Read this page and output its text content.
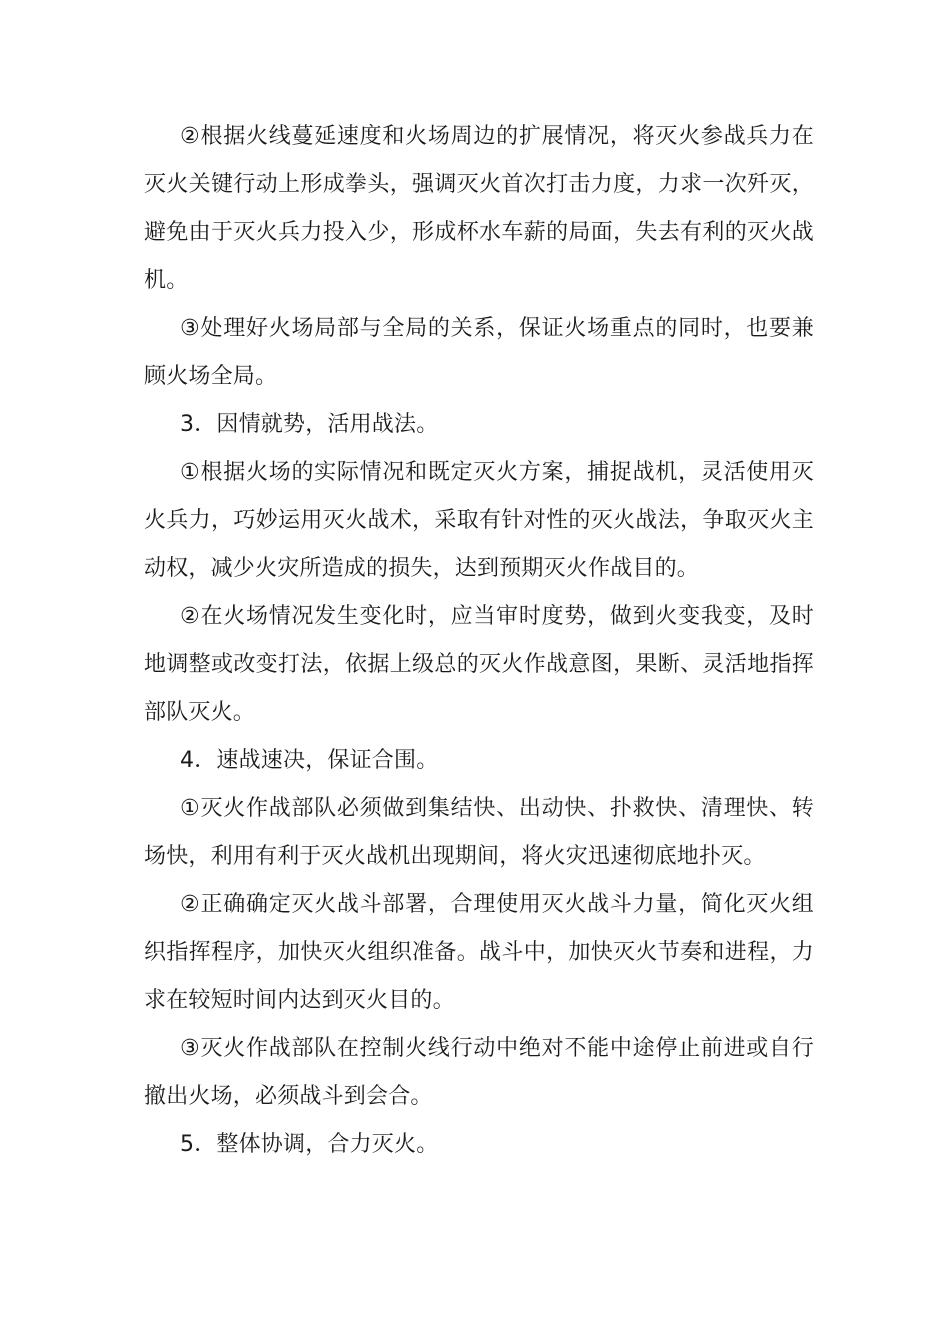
②根据火线蔓延速度和火场周边的扩展情况，将灭火参战兵力在灭火关键行动上形成拳头，强调灭火首次打击力度，力求一次歼灭，避免由于灭火兵力投入少，形成杯水车薪的局面，失去有利的灭火战机。

③处理好火场局部与全局的关系，保证火场重点的同时，也要兼顾火场全局。

3．因情就势，活用战法。

①根据火场的实际情况和既定灭火方案，捕捉战机，灵活使用灭火兵力，巧妙运用灭火战术，采取有针对性的灭火战法，争取灭火主动权，减少火灾所造成的损失，达到预期灭火作战目的。

②在火场情况发生变化时，应当审时度势，做到火变我变，及时地调整或改变打法，依据上级总的灭火作战意图，果断、灵活地指挥部队灭火。

4．速战速决，保证合围。

①灭火作战部队必须做到集结快、出动快、扑救快、清理快、转场快，利用有利于灭火战机出现期间，将火灾迅速彻底地扑灭。

②正确确定灭火战斗部署，合理使用灭火战斗力量，简化灭火组织指挥程序，加快灭火组织准备。战斗中，加快灭火节奏和进程，力求在较短时间内达到灭火目的。

③灭火作战部队在控制火线行动中绝对不能中途停止前进或自行撤出火场，必须战斗到会合。

5．整体协调，合力灭火。
